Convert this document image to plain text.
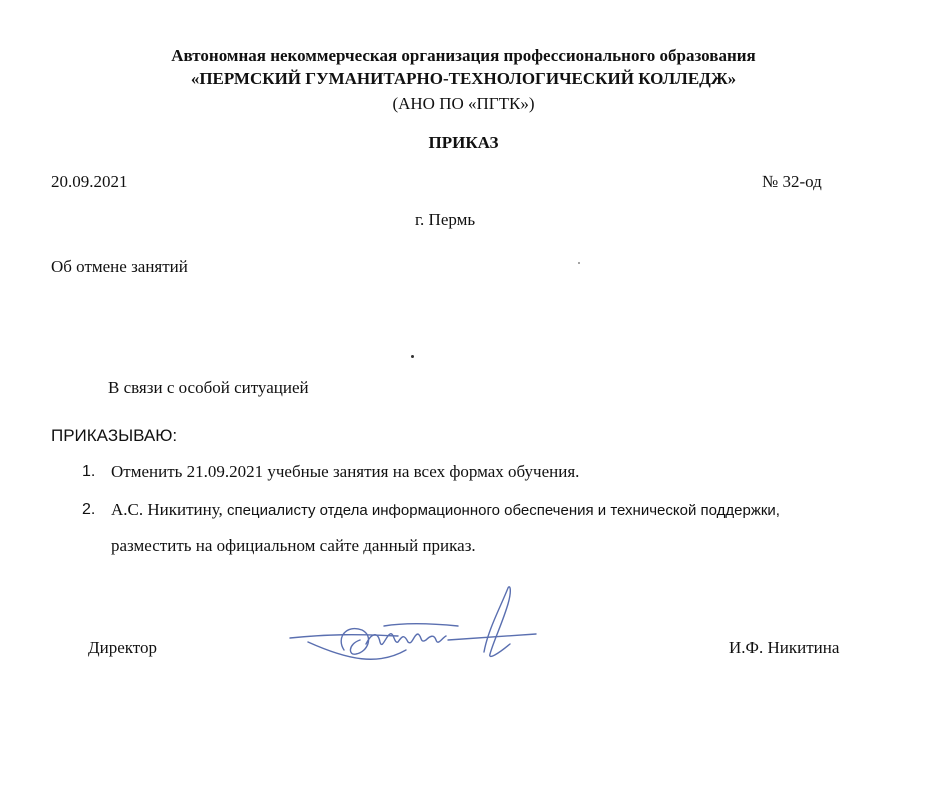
Автономная некоммерческая организация профессионального образования
«ПЕРМСКИЙ ГУМАНИТАРНО-ТЕХНОЛОГИЧЕСКИЙ КОЛЛЕДЖ»
(АНО ПО «ПГТК»)
ПРИКАЗ
20.09.2021	№ 32-од
г. Пермь
Об отмене занятий
В связи с особой ситуацией
ПРИКАЗЫВАЮ:
1. Отменить 21.09.2021 учебные занятия на всех формах обучения.
2. А.С. Никитину, специалисту отдела информационного обеспечения и технической поддержки,
разместить на официальном сайте данный приказ.
Директор	И.Ф. Никитина
